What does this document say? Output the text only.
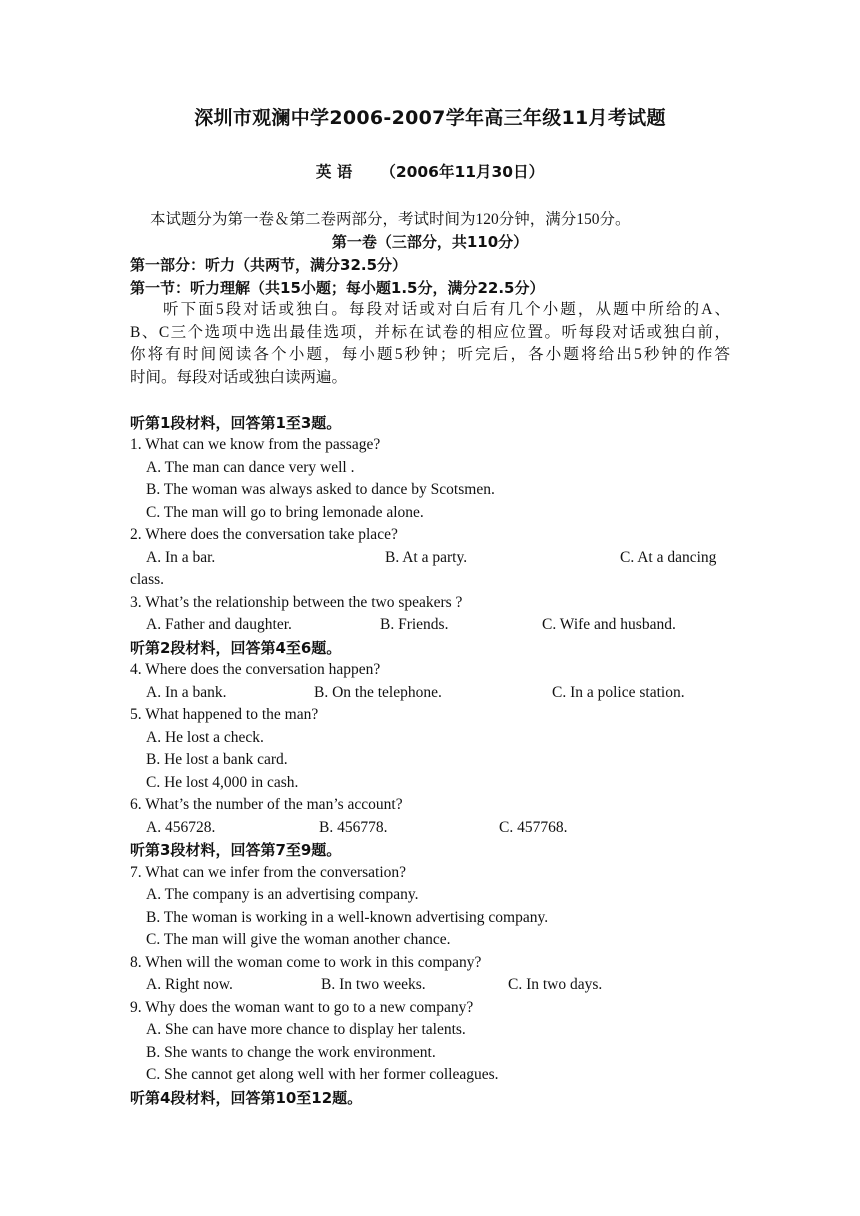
深圳市观澜中学2006-2007学年高三年级11月考试题
英 语 （2006年11月30日）
本试题分为第一卷＆第二卷两部分，考试时间为120分钟，满分150分。
第一卷（三部分，共110分）
第一部分：听力（共两节，满分32.5分）
第一节：听力理解（共15小题；每小题1.5分，满分22.5分）
听下面5段对话或独白。每段对话或对白后有几个小题，从题中所给的A、
B、C三个选项中选出最佳选项，并标在试卷的相应位置。听每段对话或独白前，
你将有时间阅读各个小题，每小题5秒钟；听完后，各小题将给出5秒钟的作答
时间。每段对话或独白读两遍。
听第1段材料，回答第1至3题。
1. What can we know from the passage?
A. The man can dance very well .
B. The woman was always asked to dance by Scotsmen.
C. The man will go to bring lemonade alone.
2. Where does the conversation take place?
A. In a bar.	B. At a party.	C. At a dancing
class.
3. What’s the relationship between the two speakers ?
A. Father and daughter.	B. Friends.	C. Wife and husband.
听第2段材料，回答第4至6题。
4. Where does the conversation happen?
A. In a bank.	B. On the telephone.	C. In a police station.
5. What happened to the man?
A. He lost a check.
B. He lost a bank card.
C. He lost 4,000 in cash.
6. What’s the number of the man’s account?
A. 456728.	B. 456778.	C. 457768.
听第3段材料，回答第7至9题。
7. What can we infer from the conversation?
A. The company is an advertising company.
B. The woman is working in a well-known advertising company.
C. The man will give the woman another chance.
8. When will the woman come to work in this company?
A. Right now.	B. In two weeks.	C. In two days.
9. Why does the woman want to go to a new company?
A. She can have more chance to display her talents.
B. She wants to change the work environment.
C. She cannot get along well with her former colleagues.
听第4段材料，回答第10至12题。
